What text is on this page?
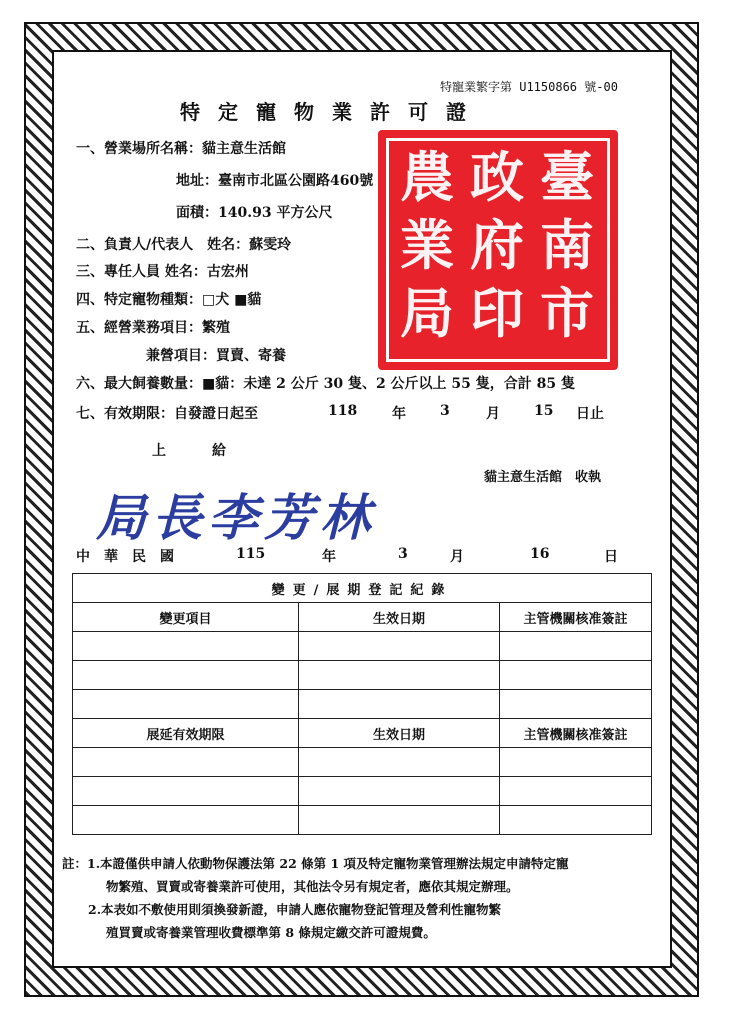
特寵業繁字第 U1150866 號-00
特定寵物業許可證
臺
南
市
政
府
印
農
業
局
一、營業場所名稱：貓主意生活館
地址：臺南市北區公園路460號
面積：140.93 平方公尺
二、負責人/代表人　姓名：蘇雯玲
三、專任人員 姓名：古宏州
四、特定寵物種類：□犬 ■貓
五、經營業務項目：繁殖
兼營項目：買賣、寄養
六、最大飼養數量：■貓：未達 2 公斤 30 隻、2 公斤以上 55 隻，合計 85 隻
七、有效期限：自發證日起至	118 年 3	月 15 日止
上	給
貓主意生活館　收執
局長李芳林
中　華　民　國	115	年	3	月	16	日
變更/展期登記紀錄		
變更項目	生效日期	主管機關核准簽註

展延有效期限	生效日期	主管機關核准簽註

註：1.本證僅供申請人依動物保護法第 22 條第 1 項及特定寵物業管理辦法規定申請特定寵
物繁殖、買賣或寄養業許可使用，其他法令另有規定者，應依其規定辦理。
2.本表如不敷使用則須換發新證，申請人應依寵物登記管理及營利性寵物繁
殖買賣或寄養業管理收費標準第 8 條規定繳交許可證規費。
